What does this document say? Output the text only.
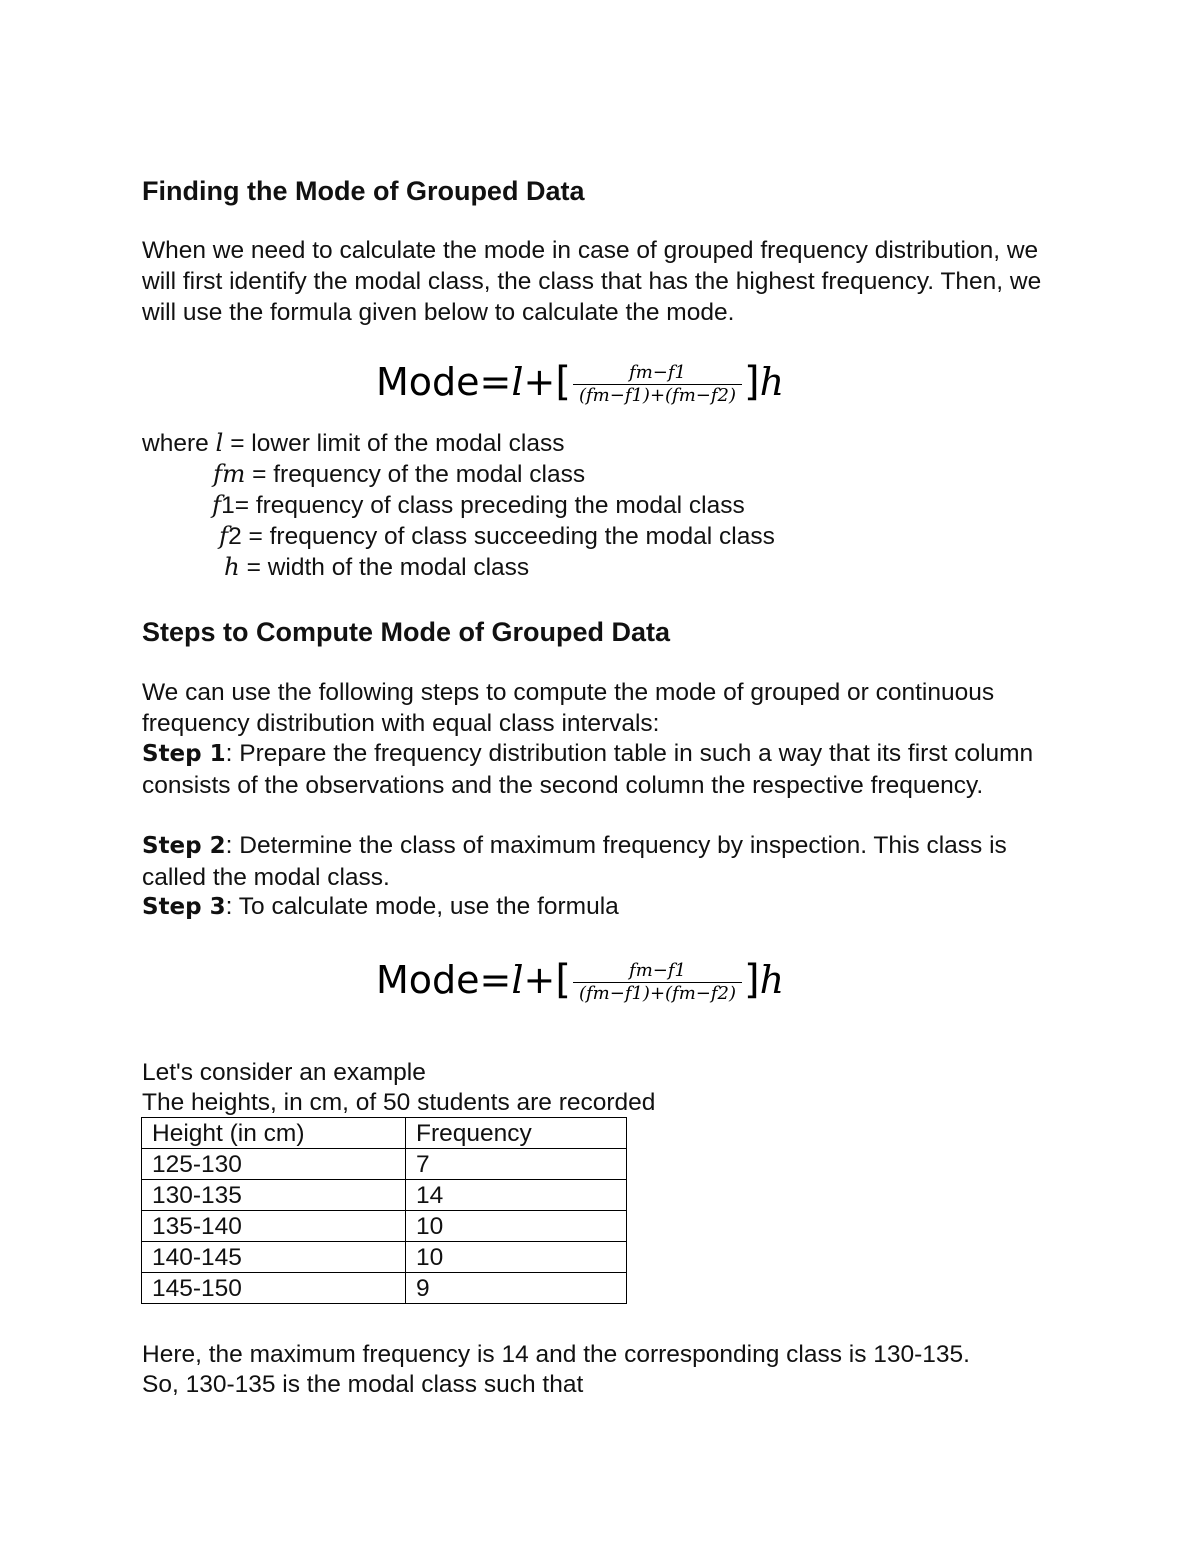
Finding the Mode of Grouped Data

When we need to calculate the mode in case of grouped frequency distribution, we will first identify the modal class, the class that has the highest frequency. Then, we will use the formula given below to calculate the mode.

Mode=l+[ $\frac{fm-f1}{(fm-f1)+(fm-f2)} ]h$
where l = lower limit of the modal class
fm = frequency of the modal class
f1= frequency of class preceding the modal class
f2 = frequency of class succeeding the modal class
h = width of the modal class
Steps to Compute Mode of Grouped Data

We can use the following steps to compute the mode of grouped or continuous frequency distribution with equal class intervals:

Step 1: Prepare the frequency distribution table in such a way that its first column consists of the observations and the second column the respective frequency.

Step 2: Determine the class of maximum frequency by inspection. This class is called the modal class.

Step 3: To calculate mode, use the formula

Mode=l+[ $\frac{fm-f1}{(fm-f1)+(fm-f2)} ]h$

Let's consider an example

The heights, in cm, of 50 students are recorded

Height (in cm)	Frequency
125-130	7
130-135	14
135-140	10
140-145	10
145-150	9

Here, the maximum frequency is 14 and the corresponding class is 130-135.

So, 130-135 is the modal class such that
